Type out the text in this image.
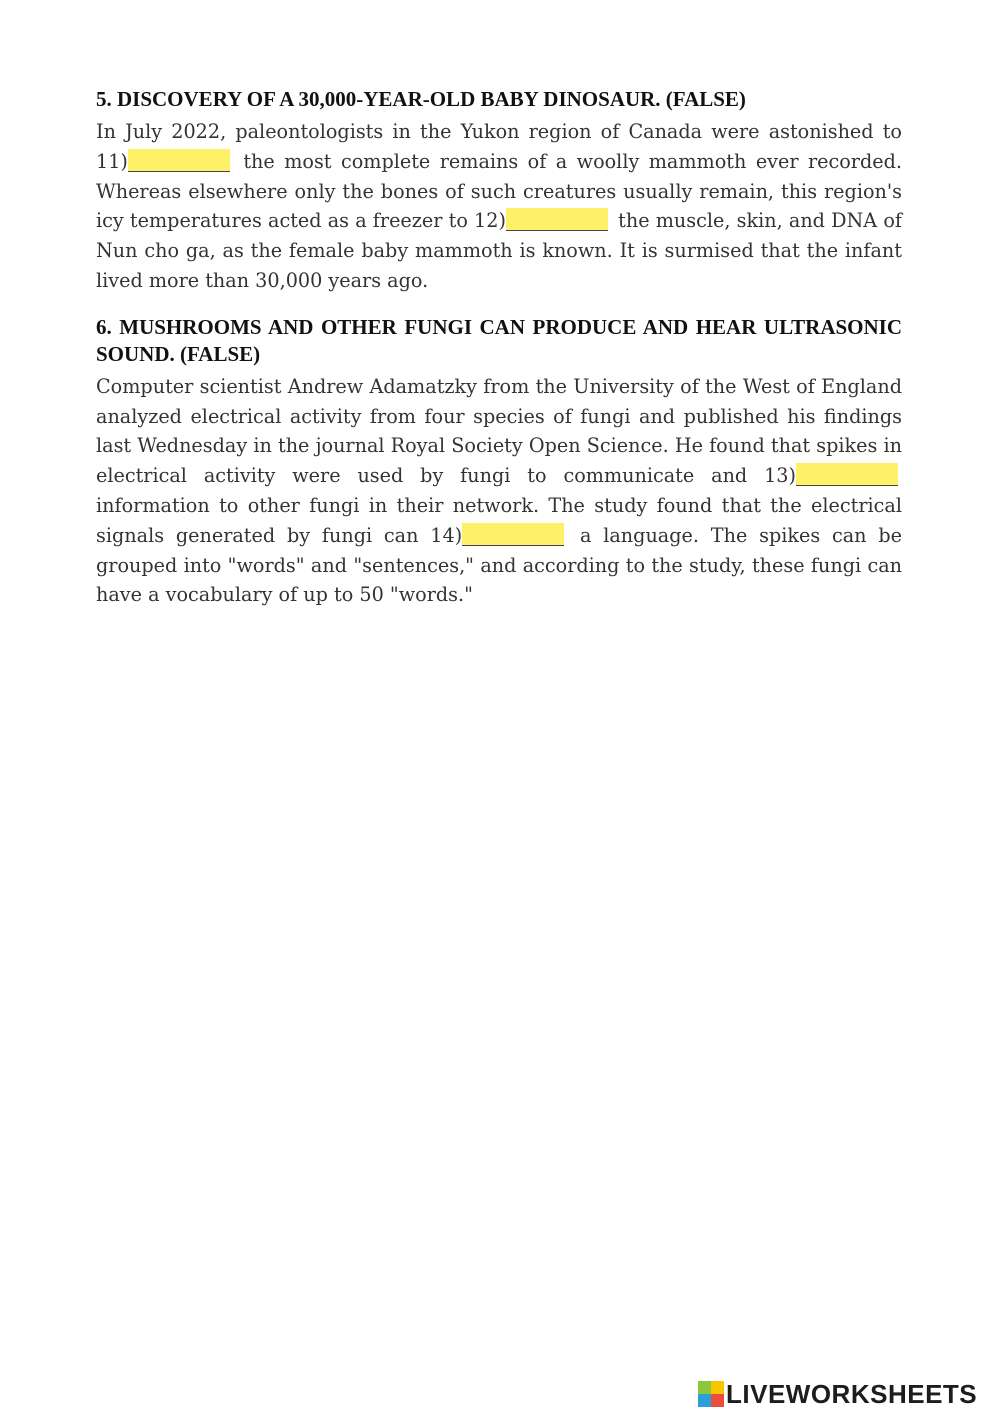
5. DISCOVERY OF A 30,000-YEAR-OLD BABY DINOSAUR. (FALSE)

In July 2022, paleontologists in the Yukon region of Canada were astonished to 11)	the most complete remains of a woolly mammoth ever recorded. Whereas elsewhere only the bones of such creatures usually remain, this region's icy temperatures acted as a freezer to 12)	the muscle, skin, and DNA of Nun cho ga, as the female baby mammoth is known. It is surmised that the infant lived more than 30,000 years ago.

6. MUSHROOMS AND OTHER FUNGI CAN PRODUCE AND HEAR ULTRASONIC SOUND. (FALSE)

Computer scientist Andrew Adamatzky from the University of the West of England analyzed electrical activity from four species of fungi and published his findings last Wednesday in the journal Royal Society Open Science. He found that spikes in electrical activity were used by fungi to communicate and 13) information to other fungi in their network. The study found that the electrical signals generated by fungi can 14)	a language. The spikes can be grouped into "words" and "sentences," and according to the study, these fungi can have a vocabulary of up to 50 "words."

LIVEWORKSHEETS
